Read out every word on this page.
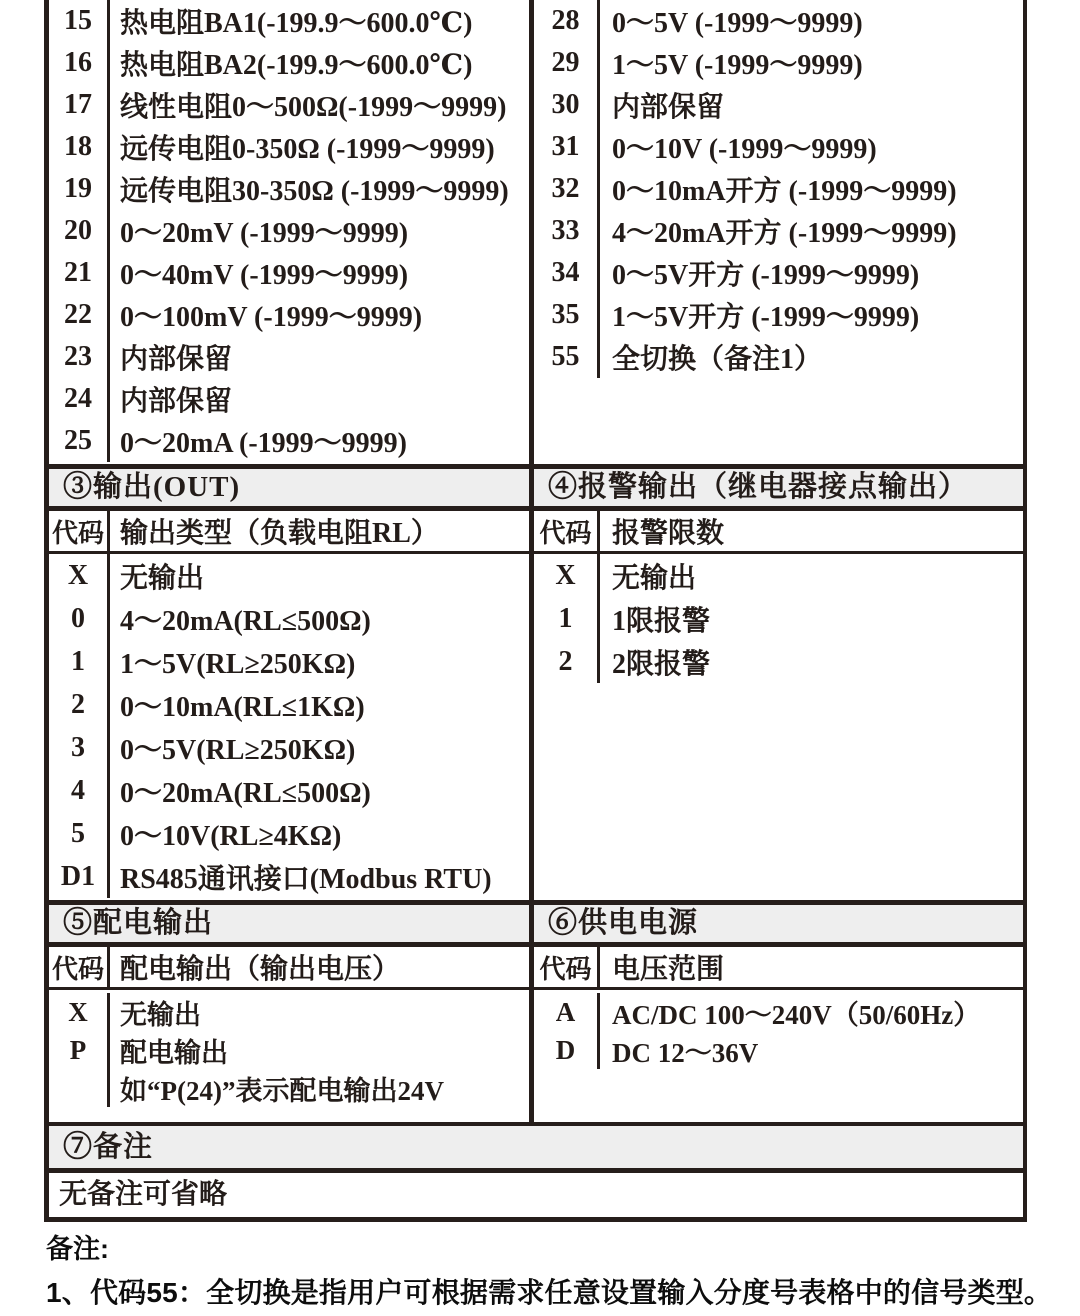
15	热电阻BA1(-199.9～600.0℃)
16	热电阻BA2(-199.9～600.0℃)
17	线性电阻0～500Ω(-1999～9999)
18	远传电阻0-350Ω (-1999～9999)
19	远传电阻30-350Ω (-1999～9999)
20	0～20mV (-1999～9999)
21	0～40mV (-1999～9999)
22	0～100mV (-1999～9999)
23	内部保留
24	内部保留
25	0～20mA (-1999～9999)
28	0～5V (-1999～9999)
29	1～5V (-1999～9999)
30	内部保留
31	0～10V (-1999～9999)
32	0～10mA开方 (-1999～9999)
33	4～20mA开方 (-1999～9999)
34	0～5V开方 (-1999～9999)
35	1～5V开方 (-1999～9999)
55	全切换（备注1）
③输出(OUT)	④报警输出（继电器接点输出）
代码 输出类型（负载电阻RL）	代码 报警限数
X	无输出
0	4～20mA(RL≤500Ω)
1	1～5V(RL≥250KΩ)
2	0～10mA(RL≤1KΩ)
3	0～5V(RL≥250KΩ)
4	0～20mA(RL≤500Ω)
5	0～10V(RL≥4KΩ)
D1 RS485通讯接口(Modbus RTU)
X	无输出
1	1限报警
2	2限报警
⑤配电输出	⑥供电电源
代码 配电输出（输出电压）	代码 电压范围
X	无输出
P	配电输出
如“P(24)”表示配电输出24V
A	AC/DC 100～240V（50/60Hz）
D	DC 12～36V
⑦备注
无备注可省略
备注:
1、代码55：全切换是指用户可根据需求任意设置输入分度号表格中的信号类型。
